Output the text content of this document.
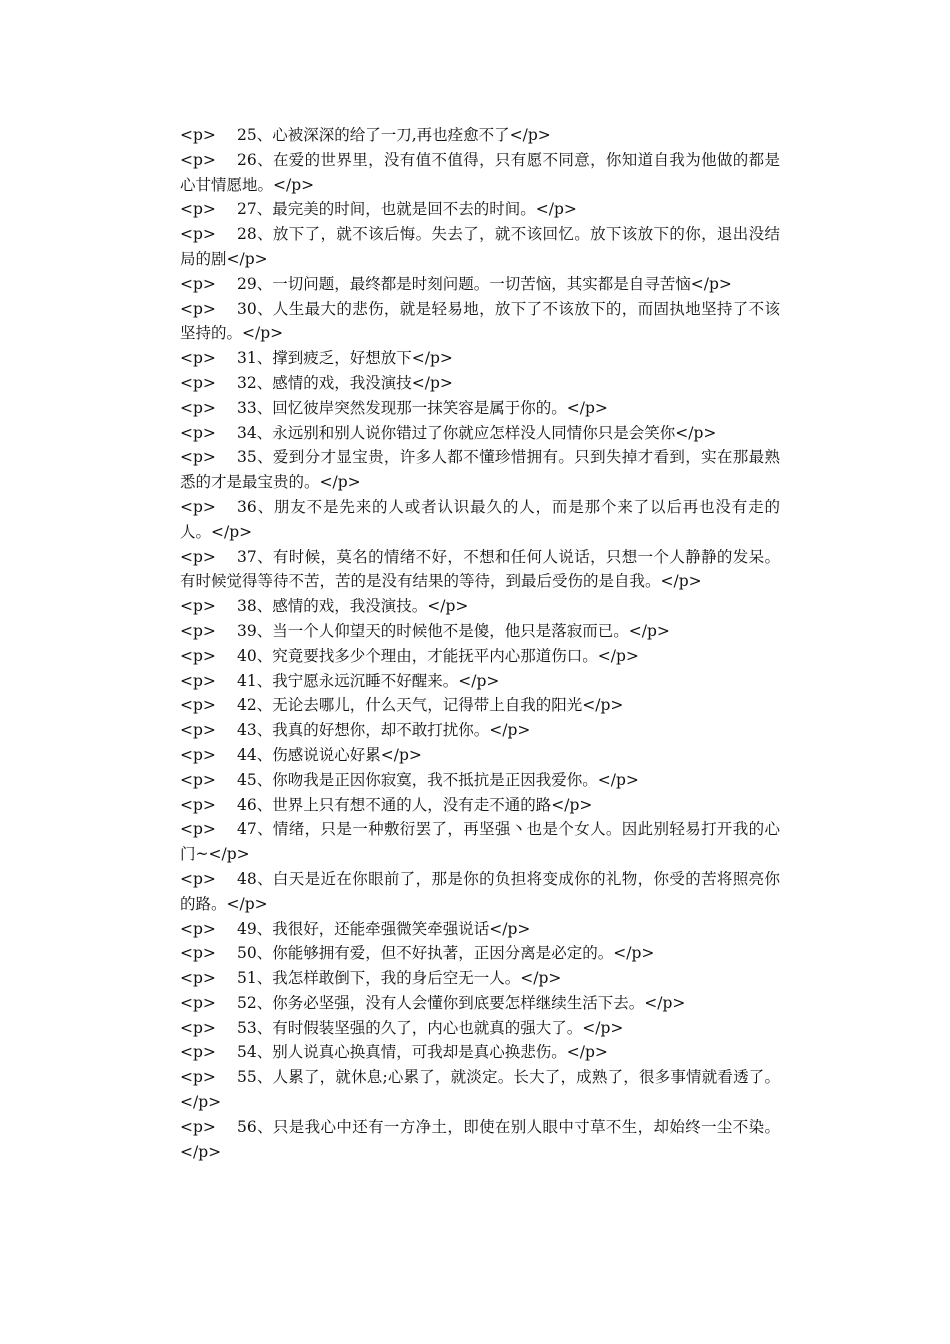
<p> 25、心被深深的给了一刀,再也痊愈不了</p>

<p> 26、在爱的世界里，没有值不值得，只有愿不同意，你知道自我为他做的都是心甘情愿地。</p>

<p> 27、最完美的时间，也就是回不去的时间。</p>

<p> 28、放下了，就不该后悔。失去了，就不该回忆。放下该放下的你，退出没结局的剧</p>

<p> 29、一切问题，最终都是时刻问题。一切苦恼，其实都是自寻苦恼</p>

<p> 30、人生最大的悲伤，就是轻易地，放下了不该放下的，而固执地坚持了不该坚持的。</p>

<p> 31、撑到疲乏，好想放下</p>

<p> 32、感情的戏，我没演技</p>

<p> 33、回忆彼岸突然发现那一抹笑容是属于你的。</p>

<p> 34、永远别和别人说你错过了你就应怎样没人同情你只是会笑你</p>

<p> 35、爱到分才显宝贵，许多人都不懂珍惜拥有。只到失掉才看到，实在那最熟悉的才是最宝贵的。</p>

<p> 36、朋友不是先来的人或者认识最久的人，而是那个来了以后再也没有走的人。</p>

<p> 37、有时候，莫名的情绪不好，不想和任何人说话，只想一个人静静的发呆。有时候觉得等待不苦，苦的是没有结果的等待，到最后受伤的是自我。</p>

<p> 38、感情的戏，我没演技。</p>

<p> 39、当一个人仰望天的时候他不是傻，他只是落寂而已。</p>

<p> 40、究竟要找多少个理由，才能抚平内心那道伤口。</p>

<p> 41、我宁愿永远沉睡不好醒来。</p>

<p> 42、无论去哪儿，什么天气，记得带上自我的阳光</p>

<p> 43、我真的好想你，却不敢打扰你。</p>

<p> 44、伤感说说心好累</p>

<p> 45、你吻我是正因你寂寞，我不抵抗是正因我爱你。</p>

<p> 46、世界上只有想不通的人，没有走不通的路</p>

<p> 47、情绪，只是一种敷衍罢了，再坚强丶也是个女人。因此别轻易打开我的心门~</p>

<p> 48、白天是近在你眼前了，那是你的负担将变成你的礼物，你受的苦将照亮你的路。</p>

<p> 49、我很好，还能牵强微笑牵强说话</p>

<p> 50、你能够拥有爱，但不好执著，正因分离是必定的。</p>

<p> 51、我怎样敢倒下，我的身后空无一人。</p>

<p> 52、你务必坚强，没有人会懂你到底要怎样继续生活下去。</p>

<p> 53、有时假装坚强的久了，内心也就真的强大了。</p>

<p> 54、别人说真心换真情，可我却是真心换悲伤。</p>

<p> 55、人累了，就休息;心累了，就淡定。长大了，成熟了，很多事情就看透了。</p>

<p> 56、只是我心中还有一方净土，即使在别人眼中寸草不生，却始终一尘不染。</p>
